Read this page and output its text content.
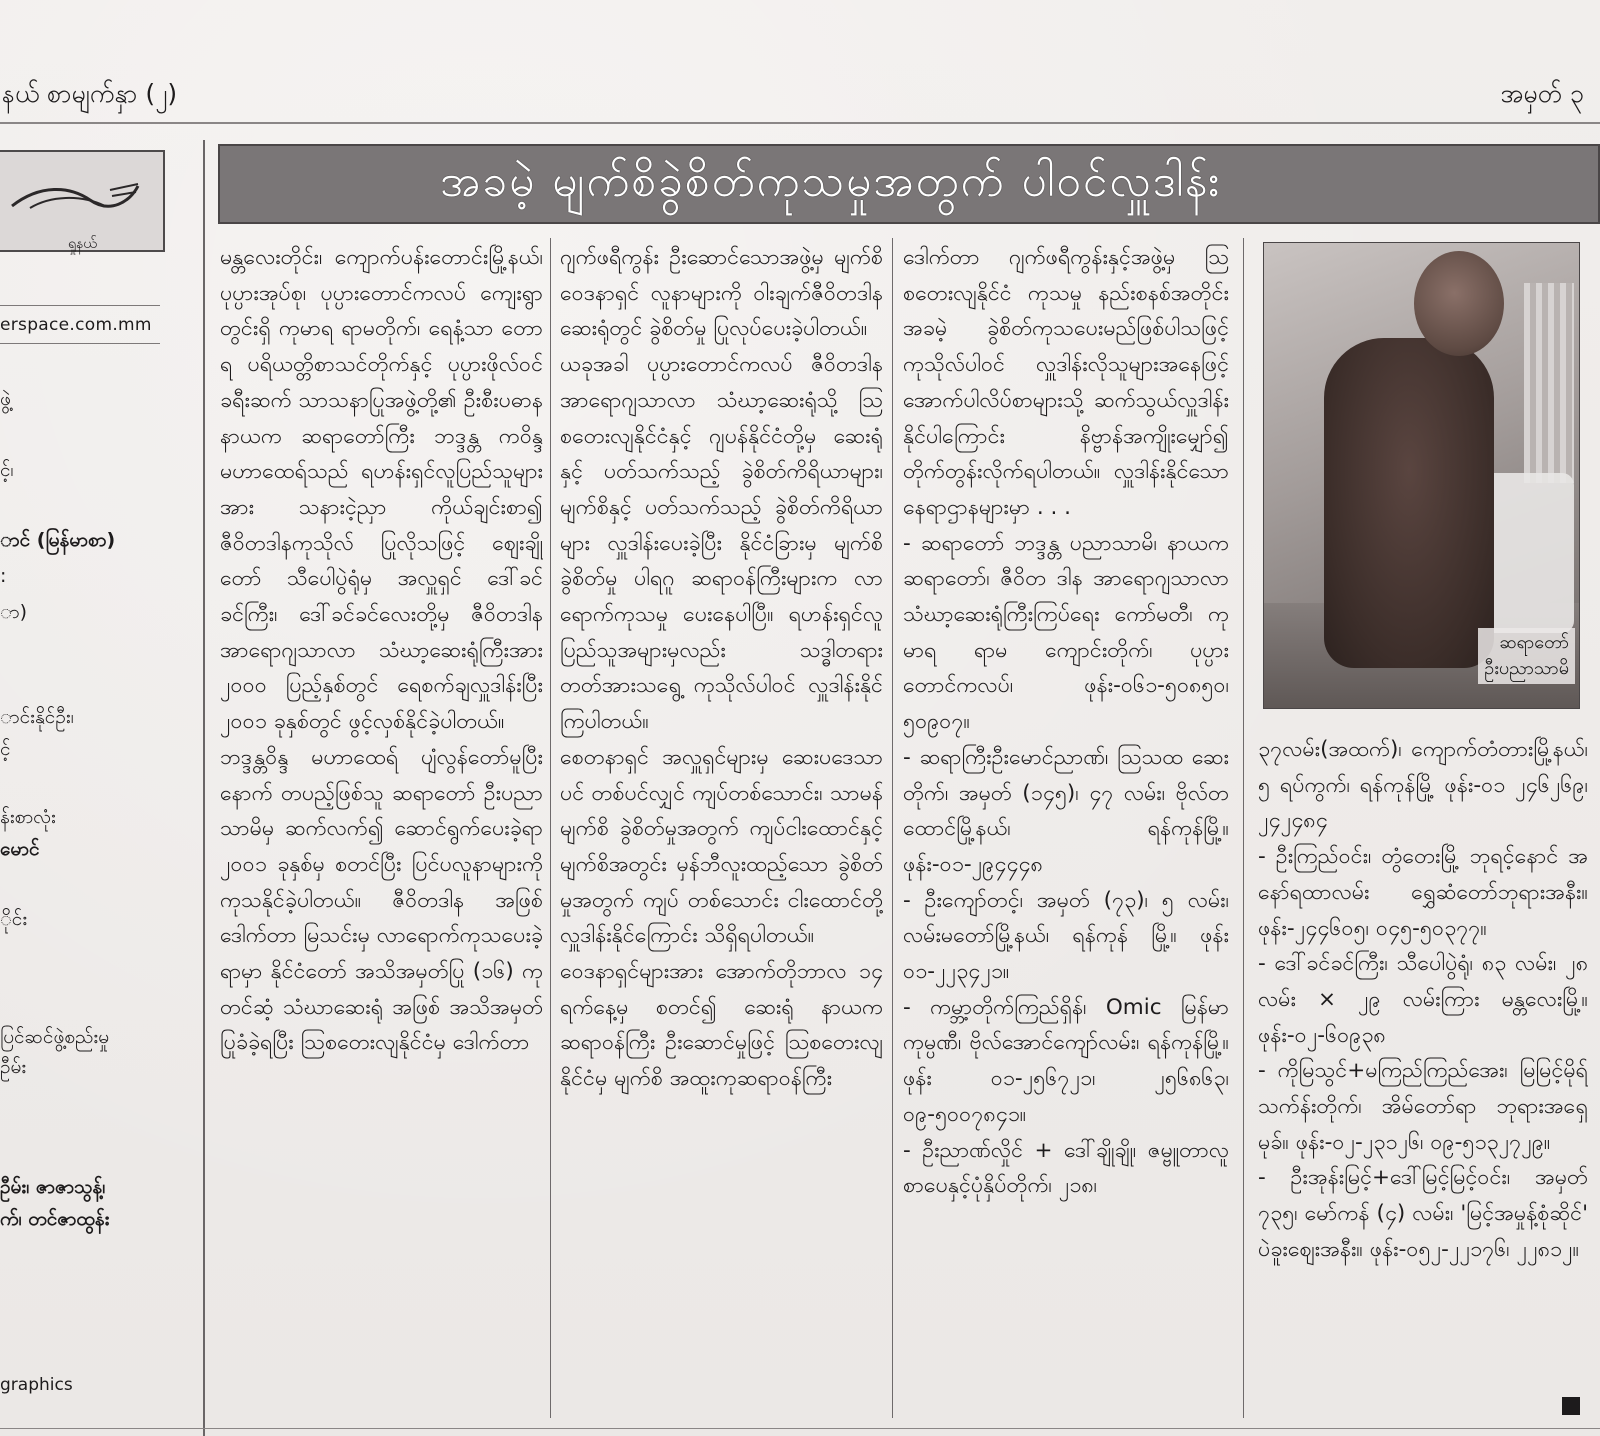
နယ် စာမျက်နှာ (၂)	အမှတ် ၃
ရှုနယ်
erspace.com.mm
ဖွဲ့
င့်၊
ာင် (မြန်မာစာ)
:
ာ)
ာင်းနိုင်ဦး၊
င့်
န်းစာလုံး
မောင်
ိုင်း
ပြင်ဆင်ဖွဲ့စည်းမှု
ဦမ်း
ဦမ်း၊ ဇာဇာသွန့်၊
က်၊ တင်ဇာထွန်း
graphics
အခမဲ့ မျက်စိခွဲစိတ်ကုသမှုအတွက် ပါဝင်လှူဒါန်း

မန္တလေးတိုင်း၊ ကျောက်ပန်းတောင်းမြို့နယ်၊ ပုပ္ပားအုပ်စု၊ ပုပ္ပားတောင်ကလပ် ကျေးရွာတွင်းရှိ ကုမာရ ရာမတိုက်၊ ရေနံ့သာ တောရ ပရိယတ္တိစာသင်တိုက်နှင့် ပုပ္ပားဖိုလ်ဝင် ခရီးဆက် သာသနာပြုအဖွဲ့တို့၏ ဦးစီးပဓာန နာယက ဆရာတော်ကြီး ဘဒ္ဒန္တ ကဝိန္ဒ မဟာထေရ်သည် ရဟန်းရှင်လူပြည်သူများအား သနားငဲ့ညှာ ကိုယ်ချင်းစာ၍ ဇီဝိတဒါနကုသိုလ် ပြုလိုသဖြင့် ဈေးချိုတော် သီပေါပွဲရုံမှ အလှူရှင် ဒေါ်ခင်ခင်ကြီး၊ ဒေါ်ခင်ခင်လေးတို့မှ ဇီဝိတဒါန အာရောဂျသာလာ သံဃာ့ဆေးရုံကြီးအား ၂၀၀၀ ပြည့်နှစ်တွင် ရေစက်ချလှူဒါန်းပြီး ၂၀၀၁ ခုနှစ်တွင် ဖွင့်လှစ်နိုင်ခဲ့ပါတယ်။

ဘဒ္ဒန္တဝိန္ဒ မဟာထေရ် ပျံလွန်တော်မူပြီးနောက် တပည့်ဖြစ်သူ ဆရာတော် ဦးပညာသာမိမှ ဆက်လက်၍ ဆောင်ရွက်ပေးခဲ့ရာ ၂၀၀၁ ခုနှစ်မှ စတင်ပြီး ပြင်ပလူနာများကို ကုသနိုင်ခဲ့ပါတယ်။ ဇီဝိတဒါန အဖြစ်ဒေါက်တာ မြသင်းမှ လာရောက်ကုသပေးခဲ့ရာမှာ နိုင်ငံတော် အသိအမှတ်ပြု (၁၆) ကုတင်ဆံ့ သံဃာဆေးရုံ အဖြစ် အသိအမှတ် ပြုခံခဲ့ရပြီး ဩစတေးလျနိုင်ငံမှ ဒေါက်တာ

ဂျက်ဖရီကွန်း ဦးဆောင်သောအဖွဲ့မှ မျက်စိဝေဒနာရှင် လူနာများကို ဝါးချက်ဇီဝိတဒါန ဆေးရုံတွင် ခွဲစိတ်မှု ပြုလုပ်ပေးခဲ့ပါတယ်။

ယခုအခါ ပုပ္ပားတောင်ကလပ် ဇီဝိတဒါန အာရောဂျသာလာ သံဃာ့ဆေးရုံသို့ ဩစတေးလျနိုင်ငံနှင့် ဂျပန်နိုင်ငံတို့မှ ဆေးရုံနှင့် ပတ်သက်သည့် ခွဲစိတ်ကိရိယာများ၊ မျက်စိနှင့် ပတ်သက်သည့် ခွဲစိတ်ကိရိယာများ လှူဒါန်းပေးခဲ့ပြီး နိုင်ငံခြားမှ မျက်စိခွဲစိတ်မှု ပါရဂူ ဆရာဝန်ကြီးများက လာရောက်ကုသမှု ပေးနေပါပြီ။ ရဟန်းရှင်လူ ပြည်သူအများမှလည်း သဒ္ဓါတရား တတ်အားသရွေ့ ကုသိုလ်ပါဝင် လှူဒါန်းနိုင်ကြပါတယ်။

စေတနာရှင် အလှူရှင်များမှ ဆေးပဒေသာပင် တစ်ပင်လျှင် ကျပ်တစ်သောင်း၊ သာမန် မျက်စိ ခွဲစိတ်မှုအတွက် ကျပ်ငါးထောင်နှင့် မျက်စိအတွင်း မှန်ဘီလူးထည့်သော ခွဲစိတ်မှုအတွက် ကျပ် တစ်သောင်း ငါးထောင်တို့ လှူဒါန်းနိုင်ကြောင်း သိရှိရပါတယ်။

ဝေဒနာရှင်များအား အောက်တိုဘာလ ၁၄ ရက်နေ့မှ စတင်၍ ဆေးရုံ နာယက ဆရာဝန်ကြီး ဦးဆောင်မှုဖြင့် ဩစတေးလျနိုင်ငံမှ မျက်စိ အထူးကုဆရာဝန်ကြီး

ဒေါက်တာ ဂျက်ဖရီကွန်းနှင့်အဖွဲ့မှ ဩစတေးလျနိုင်ငံ ကုသမှု နည်းစနစ်အတိုင်း အခမဲ့ ခွဲစိတ်ကုသပေးမည်ဖြစ်ပါသဖြင့် ကုသိုလ်ပါဝင် လှူဒါန်းလိုသူများအနေဖြင့် အောက်ပါလိပ်စာများသို့ ဆက်သွယ်လှူဒါန်းနိုင်ပါကြောင်း နိဗ္ဗာန်အကျိုးမျှော်၍ တိုက်တွန်းလိုက်ရပါတယ်။ လှူဒါန်းနိုင်သော နေရာဌာနများမှာ . . .

- ဆရာတော် ဘဒ္ဒန္တ ပညာသာမိ၊ နာယက ဆရာတော်၊ ဇီဝိတ ဒါန အာရောဂျသာလာ သံဃာ့ဆေးရုံကြီးကြပ်ရေး ကော်မတီ၊ ကုမာရ ရာမ ကျောင်းတိုက်၊ ပုပ္ပားတောင်ကလပ်၊ ဖုန်း-၀၆၁-၅၀၈၅၀၊ ၅၀၉၀၇။

- ဆရာကြီးဦးမောင်ညာဏ်၊ ဩသထ ဆေးတိုက်၊ အမှတ် (၁၄၅)၊ ၄၇ လမ်း၊ ဗိုလ်တထောင်မြို့နယ်၊ ရန်ကုန်မြို့။ ဖုန်း-၀၁-၂၉၄၄၄၈

- ဦးကျော်တင့်၊ အမှတ် (၇၃)၊ ၅ လမ်း၊ လမ်းမတော်မြို့နယ်၊ ရန်ကုန် မြို့။ ဖုန်း ၀၁-၂၂၃၄၂၁။

- ကမ္ဘာ့တိုက်ကြည်ရှိန်၊ Omic မြန်မာ ကုမ္ပဏီ၊ ဗိုလ်အောင်ကျော်လမ်း၊ ရန်ကုန်မြို့။ ဖုန်း ၀၁-၂၅၆၇၂၁၊ ၂၅၆၈၆၃၊ ၀၉-၅၀၀၇၈၄၁။

- ဦးညာဏ်လှိုင် + ဒေါ်ချိုချို၊ ဇမ္ဗူတာလူစာပေနှင့်ပုံနှိပ်တိုက်၊ ၂၁၈၊

ဆရာတော်
ဦးပညာသာမိ

၃၇လမ်း(အထက်)၊ ကျောက်တံတားမြို့နယ်၊ ၅ ရပ်ကွက်၊ ရန်ကုန်မြို့ ဖုန်း-၀၁ ၂၄၆၂၆၉၊ ၂၄၂၄၈၄

- ဦးကြည်ဝင်း၊ တွံတေးမြို့ ဘုရင့်နောင် အနော်ရထာလမ်း ရွှေဆံတော်ဘုရားအနီး။ ဖုန်း-၂၄၄၆၀၅၊ ၀၄၅-၅၀၃၇၇။

- ဒေါ်ခင်ခင်ကြီး၊ သီပေါပွဲရုံ၊ ၈၃ လမ်း၊ ၂၈ လမ်း × ၂၉ လမ်းကြား မန္တလေးမြို့။ ဖုန်း-၀၂-၆၀၉၃၈

- ကိုမြသွင်+မကြည်ကြည်အေး၊ မြမြင့်မိုရ်သက်န်းတိုက်၊ အိမ်တော်ရာ ဘုရားအရှေ့မုခ်။ ဖုန်း-၀၂-၂၃၁၂၆၊ ၀၉-၅၁၃၂၇၂၉။

- ဦးအုန်းမြင့်+ဒေါ်မြင့်မြင့်ဝင်း၊ အမှတ် ၇၃၅၊ မော်ကန် (၄) လမ်း၊ 'မြင့်အမှုန့်စုံဆိုင်' ပဲခူးဈေးအနီး။ ဖုန်း-၀၅၂-၂၂၁၇၆၊ ၂၂၈၁၂။
